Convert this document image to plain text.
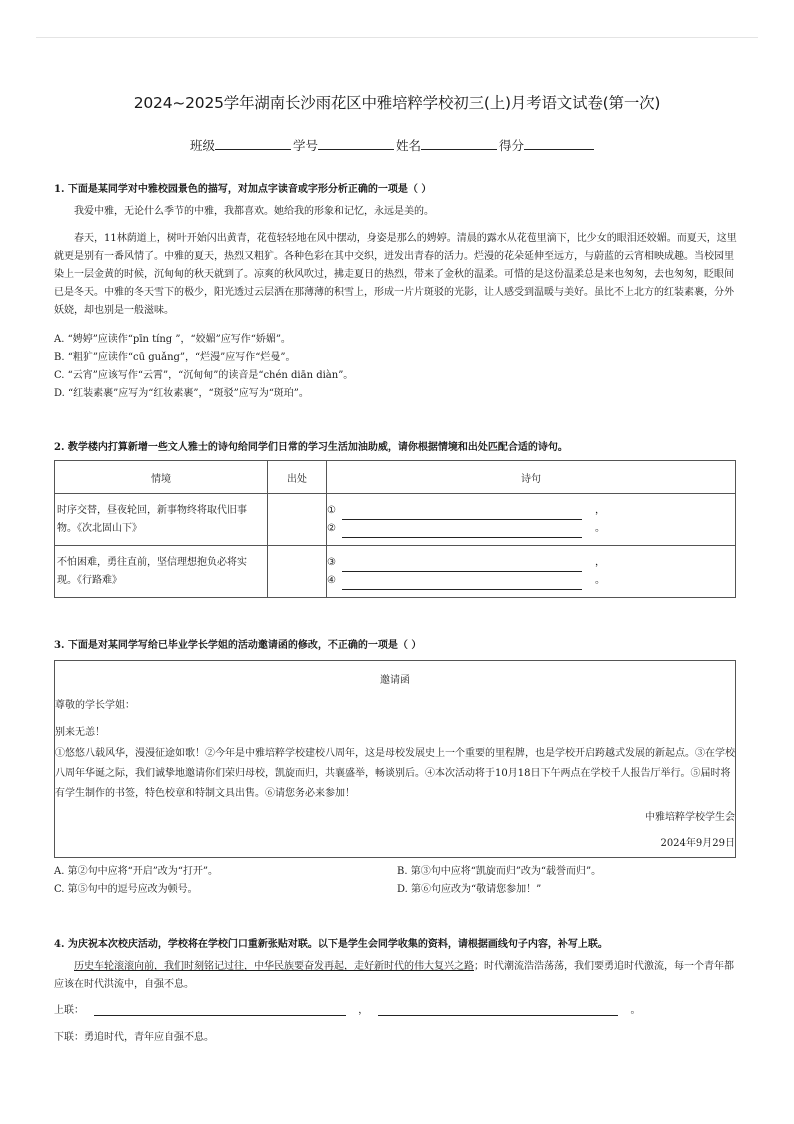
2024~2025学年湖南长沙雨花区中雅培粹学校初三(上)月考语文试卷(第一次)
班级	学号	姓名	得分
1. 下面是某同学对中雅校园景色的描写，对加点字读音或字形分析正确的一项是（ ）
我爱中雅，无论什么季节的中雅，我都喜欢。她给我的形象和记忆，永远是美的。
春天，11林荫道上，树叶开始闪出黄青，花苞轻轻地在风中摆动，身姿是那么的娉婷。清晨的露水从花苞里滴下，比少女的眼泪还姣媚。而夏天，这里就更是别有一番风情了。中雅的夏天，热烈又粗犷。各种色彩在其中交织，迸发出青春的活力。烂漫的花朵延伸至远方，与蔚蓝的云宵相映成趣。当校园里染上一层金黄的时候，沉甸甸的秋天就到了。凉爽的秋风吹过，拂走夏日的热烈，带来了金秋的温柔。可惜的是这份温柔总是来也匆匆，去也匆匆，眨眼间已是冬天。中雅的冬天雪下的极少，阳光透过云层洒在那薄薄的积雪上，形成一片片斑驳的光影，让人感受到温暖与美好。虽比不上北方的红装素裹，分外妖娆，却也别是一般滋味。
A. “娉婷”应读作“pīn tíng ”，“姣媚”应写作“娇媚”。
B. “粗犷”应读作“cū guǎng”，“烂漫”应写作“烂曼”。
C. “云宵”应该写作“云霄”，“沉甸甸”的读音是“chén diān diàn”。
D. “红装素裹”应写为“红妆素裹”，“斑驳”应写为“斑珀”。
2. 教学楼内打算新增一些文人雅士的诗句给同学们日常的学习生活加油助威，请你根据情境和出处匹配合适的诗句。
情境	出处	诗句
时序交替，昼夜轮回，新事物终将取代旧事物。《次北固山下》		① ，
② 。

不怕困难，勇往直前，坚信理想抱负必将实现。《行路难》		③ ，
④ 。
3. 下面是对某同学写给已毕业学长学姐的活动邀请函的修改，不正确的一项是（ ）
邀请函
尊敬的学长学姐：
别来无恙！
①悠悠八载风华，漫漫征途如歌！②今年是中雅培粹学校建校八周年，这是母校发展史上一个重要的里程牌，也是学校开启跨越式发展的新起点。③在学校八周年华诞之际，我们诚挚地邀请你们荣归母校，凯旋而归，共襄盛举，畅谈别后。④本次活动将于10月18日下午两点在学校千人报告厅举行。⑤届时将有学生制作的书签，特色校章和特制文具出售。⑥请您务必来参加！
中雅培粹学校学生会
2024年9月29日
A. 第②句中应将“开启”改为“打开”。	B. 第③句中应将“凯旋而归”改为“载誉而归”。
C. 第⑤句中的逗号应改为顿号。	D. 第⑥句应改为“敬请您参加！”
4. 为庆祝本次校庆活动，学校将在学校门口重新张贴对联。以下是学生会同学收集的资料，请根据画线句子内容，补写上联。
历史车轮滚滚向前，我们时刻铭记过往，中华民族要奋发再起，走好新时代的伟大复兴之路；时代潮流浩浩荡荡，我们要勇追时代激流，每一个青年都应该在时代洪流中，自强不息。
上联：	，	。
下联：勇追时代，青年应自强不息。
